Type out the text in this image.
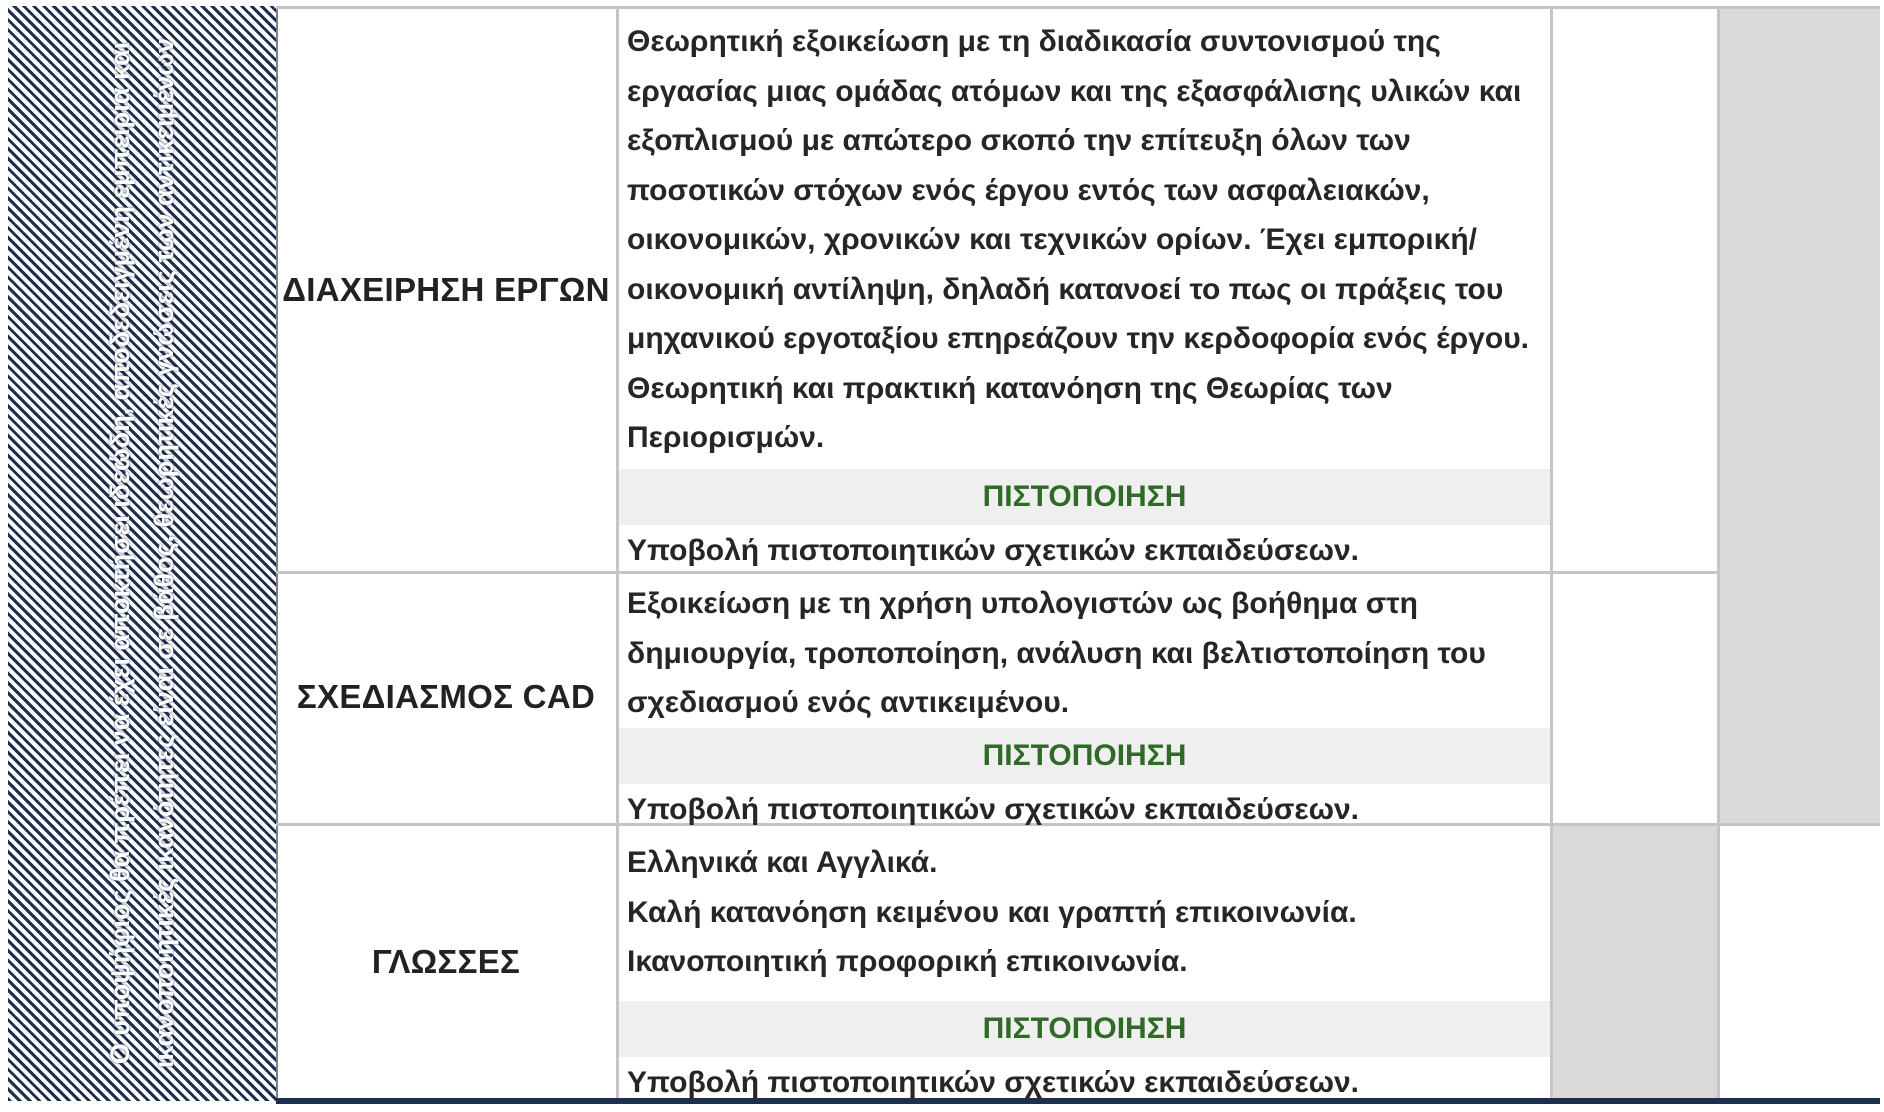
Ο υποψήφιος θα πρέπει να έχει αποκτήσει ιδεώδη, αποδεδειγμένη εμπειρία και ικανοποιητικές ικανότητες είναι σε βάθος, θεωρητικές γνώσεις των αντικειμένων	ΔΙΑΧΕΙΡΗΣΗ ΕΡΓΩΝ
Θεωρητική εξοικείωση με τη διαδικασία συντονισμού της εργασίας μιας ομάδας ατόμων και της εξασφάλισης υλικών και εξοπλισμού με απώτερο σκοπό την επίτευξη όλων των ποσοτικών στόχων ενός έργου εντός των ασφαλειακών, οικονομικών, χρονικών και τεχνικών ορίων. Έχει εμπορική/ οικονομική αντίληψη, δηλαδή κατανοεί το πως οι πράξεις του μηχανικού εργοταξίου επηρεάζουν την κερδοφορία ενός έργου. Θεωρητική και πρακτική κατανόηση της Θεωρίας των Περιορισμών.
ΠΙΣΤΟΠΟΙΗΣΗ
Υποβολή πιστοποιητικών σχετικών εκπαιδεύσεων.
ΣΧΕΔΙΑΣΜΟΣ CAD
Εξοικείωση με τη χρήση υπολογιστών ως βοήθημα στη δημιουργία, τροποποίηση, ανάλυση και βελτιστοποίηση του σχεδιασμού ενός αντικειμένου.
ΠΙΣΤΟΠΟΙΗΣΗ
Υποβολή πιστοποιητικών σχετικών εκπαιδεύσεων.
ΓΛΩΣΣΕΣ
Ελληνικά και Αγγλικά.
Καλή κατανόηση κειμένου και γραπτή επικοινωνία.
Ικανοποιητική προφορική επικοινωνία.
ΠΙΣΤΟΠΟΙΗΣΗ
Υποβολή πιστοποιητικών σχετικών εκπαιδεύσεων.
